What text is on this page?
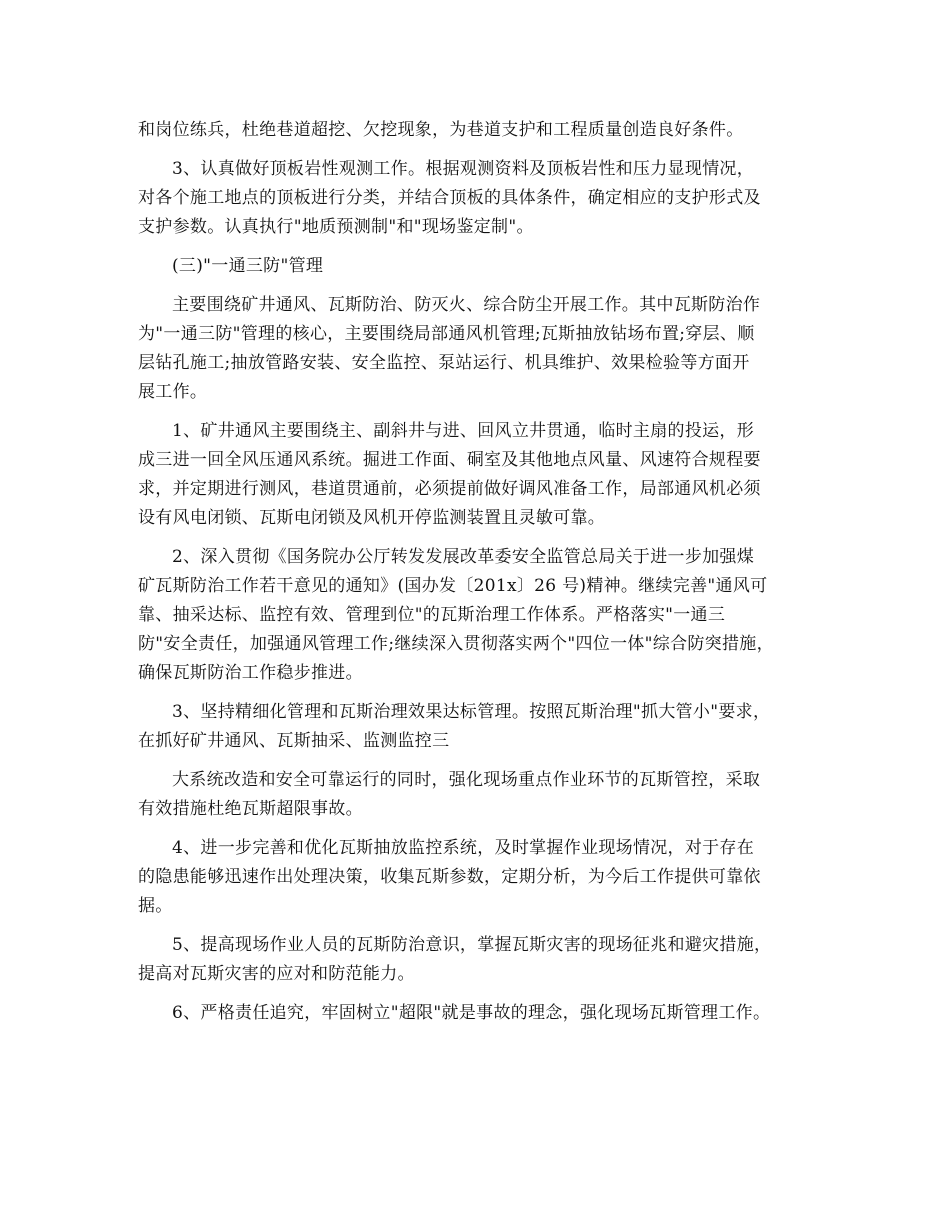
和岗位练兵，杜绝巷道超挖、欠挖现象，为巷道支护和工程质量创造良好条件。
3、认真做好顶板岩性观测工作。根据观测资料及顶板岩性和压力显现情况，
对各个施工地点的顶板进行分类，并结合顶板的具体条件，确定相应的支护形式及
支护参数。认真执行"地质预测制"和"现场鉴定制"。
(三)"一通三防"管理
主要围绕矿井通风、瓦斯防治、防灭火、综合防尘开展工作。其中瓦斯防治作
为"一通三防"管理的核心，主要围绕局部通风机管理;瓦斯抽放钻场布置;穿层、顺
层钻孔施工;抽放管路安装、安全监控、泵站运行、机具维护、效果检验等方面开
展工作。
1、矿井通风主要围绕主、副斜井与进、回风立井贯通，临时主扇的投运，形
成三进一回全风压通风系统。掘进工作面、硐室及其他地点风量、风速符合规程要
求，并定期进行测风，巷道贯通前，必须提前做好调风准备工作，局部通风机必须
设有风电闭锁、瓦斯电闭锁及风机开停监测装置且灵敏可靠。
2、深入贯彻《国务院办公厅转发发展改革委安全监管总局关于进一步加强煤
矿瓦斯防治工作若干意见的通知》(国办发〔201x〕26 号)精神。继续完善"通风可
靠、抽采达标、监控有效、管理到位"的瓦斯治理工作体系。严格落实"一通三
防"安全责任，加强通风管理工作;继续深入贯彻落实两个"四位一体"综合防突措施，
确保瓦斯防治工作稳步推进。
3、坚持精细化管理和瓦斯治理效果达标管理。按照瓦斯治理"抓大管小"要求，
在抓好矿井通风、瓦斯抽采、监测监控三
大系统改造和安全可靠运行的同时，强化现场重点作业环节的瓦斯管控，采取
有效措施杜绝瓦斯超限事故。
4、进一步完善和优化瓦斯抽放监控系统，及时掌握作业现场情况，对于存在
的隐患能够迅速作出处理决策，收集瓦斯参数，定期分析，为今后工作提供可靠依
据。
5、提高现场作业人员的瓦斯防治意识，掌握瓦斯灾害的现场征兆和避灾措施，
提高对瓦斯灾害的应对和防范能力。
6、严格责任追究，牢固树立"超限"就是事故的理念，强化现场瓦斯管理工作。
